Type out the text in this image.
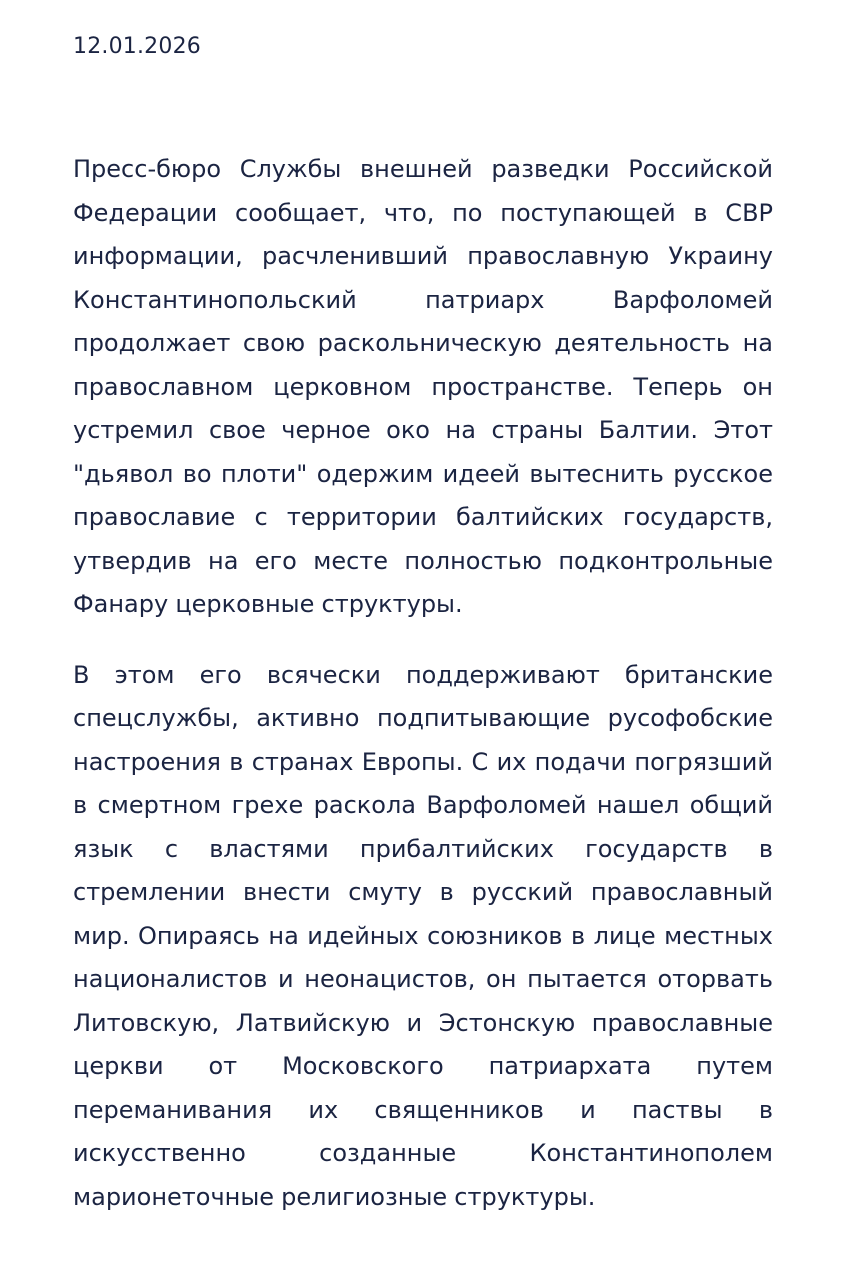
12.01.2026

Пресс-бюро Службы внешней разведки Российской Федерации сообщает, что, по поступающей в СВР информации, расчленивший православную Украину Константинопольский патриарх Варфоломей продолжает свою раскольническую деятельность на православном церковном пространстве. Теперь он устремил свое черное око на страны Балтии. Этот "дьявол во плоти" одержим идеей вытеснить русское православие с территории балтийских государств, утвердив на его месте полностью подконтрольные Фанару церковные структуры.

В этом его всячески поддерживают британские спецслужбы, активно подпитывающие русофобские настроения в странах Европы. С их подачи погрязший в смертном грехе раскола Варфоломей нашел общий язык с властями прибалтийских государств в стремлении внести смуту в русский православный мир. Опираясь на идейных союзников в лице местных националистов и неонацистов, он пытается оторвать Литовскую, Латвийскую и Эстонскую православные церкви от Московского патриархата путем переманивания их священников и паствы в искусственно созданные Константинополем марионеточные религиозные структуры.
